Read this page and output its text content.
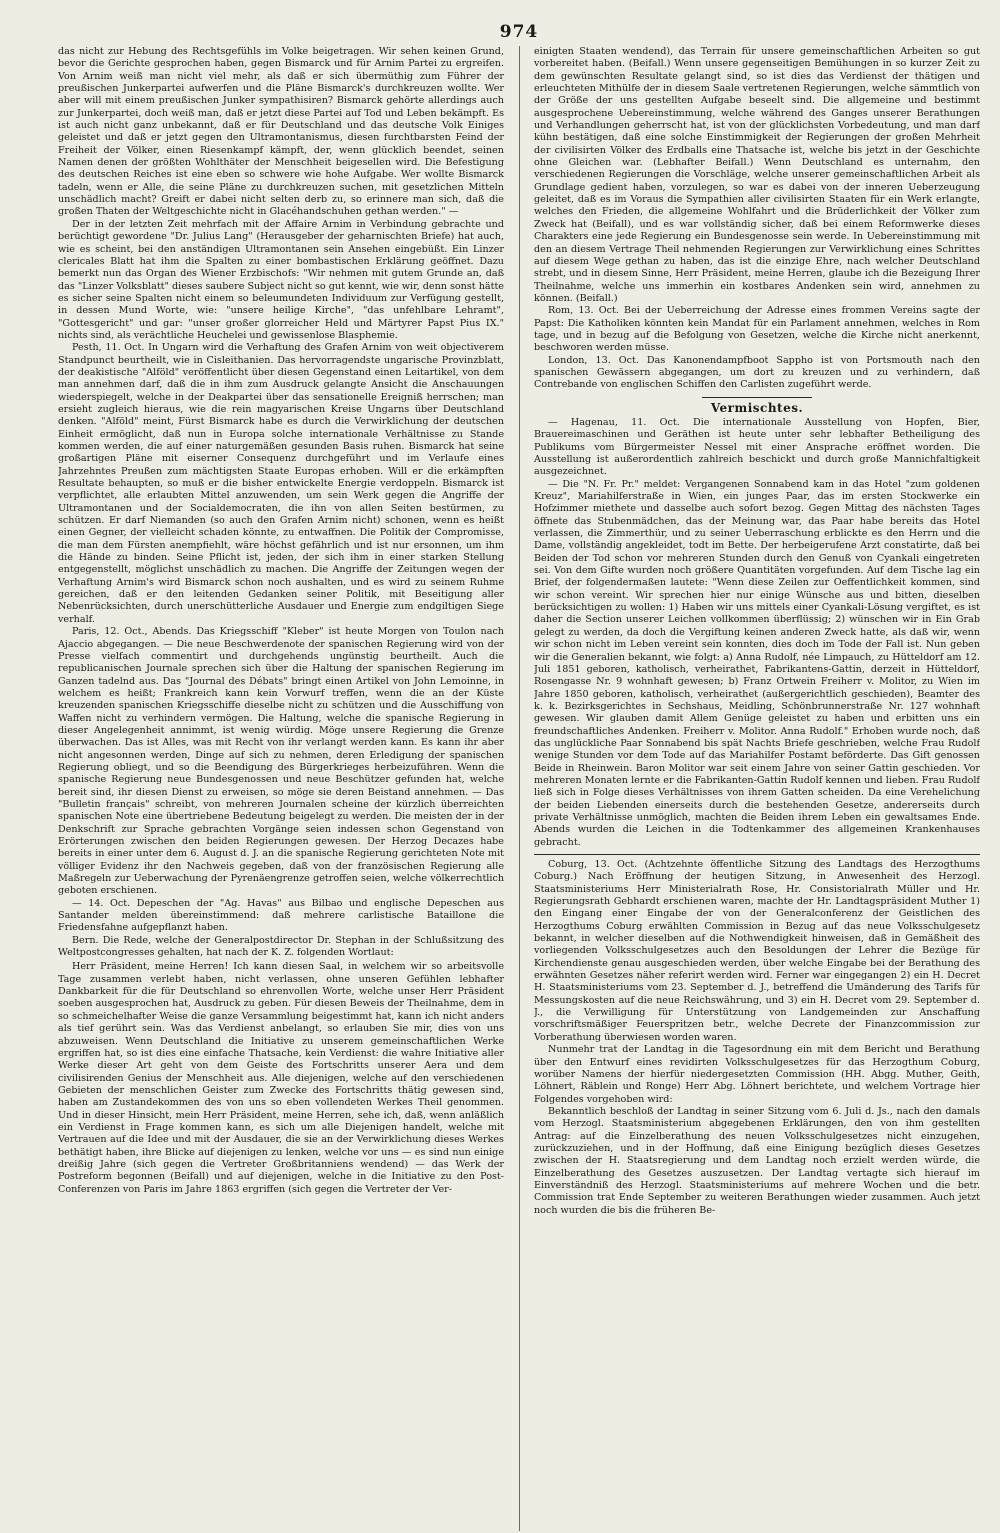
974

das nicht zur Hebung des Rechtsgefühls im Volke beigetragen. Wir sehen keinen Grund, bevor die Gerichte gesprochen haben, gegen Bismarck und für Arnim Partei zu ergreifen. Von Arnim weiß man nicht viel mehr, als daß er sich übermüthig zum Führer der preußischen Junkerpartei aufwerfen und die Pläne Bismarck's durchkreuzen wollte. Wer aber will mit einem preußischen Junker sympathisiren? Bismarck gehörte allerdings auch zur Junkerpartei, doch weiß man, daß er jetzt diese Partei auf Tod und Leben bekämpft. Es ist auch nicht ganz unbekannt, daß er für Deutschland und das deutsche Volk Einiges geleistet und daß er jetzt gegen den Ultramontanismus, diesen furchtbarsten Feind der Freiheit der Völker, einen Riesenkampf kämpft, der, wenn glücklich beendet, seinen Namen denen der größten Wohlthäter der Menschheit beigesellen wird. Die Befestigung des deutschen Reiches ist eine eben so schwere wie hohe Aufgabe. Wer wollte Bismarck tadeln, wenn er Alle, die seine Pläne zu durchkreuzen suchen, mit gesetzlichen Mitteln unschädlich macht? Greift er dabei nicht selten derb zu, so erinnere man sich, daß die großen Thaten der Weltgeschichte nicht in Glacéhandschuhen gethan werden." —

Der in der letzten Zeit mehrfach mit der Affaire Arnim in Verbindung gebrachte und berüchtigt gewordene "Dr. Julius Lang" (Herausgeber der geharnischten Briefe) hat auch, wie es scheint, bei den anständigen Ultramontanen sein Ansehen eingebüßt. Ein Linzer clericales Blatt hat ihm die Spalten zu einer bombastischen Erklärung geöffnet. Dazu bemerkt nun das Organ des Wiener Erzbischofs: "Wir nehmen mit gutem Grunde an, daß das "Linzer Volksblatt" dieses saubere Subject nicht so gut kennt, wie wir, denn sonst hätte es sicher seine Spalten nicht einem so beleumundeten Individuum zur Verfügung gestellt, in dessen Mund Worte, wie: "unsere heilige Kirche", "das unfehlbare Lehramt", "Gottesgericht" und gar: "unser großer glorreicher Held und Märtyrer Papst Pius IX." nichts sind, als verächtliche Heuchelei und gewissenlose Blasphemie.

Pesth, 11. Oct. In Ungarn wird die Verhaftung des Grafen Arnim von weit objectiverem Standpunct beurtheilt, wie in Cisleithanien. Das hervorragendste ungarische Provinzblatt, der deakistische "Alföld" veröffentlicht über diesen Gegenstand einen Leitartikel, von dem man annehmen darf, daß die in ihm zum Ausdruck gelangte Ansicht die Anschauungen wiederspiegelt, welche in der Deakpartei über das sensationelle Ereigniß herrschen; man ersieht zugleich hieraus, wie die rein magyarischen Kreise Ungarns über Deutschland denken. "Alföld" meint, Fürst Bismarck habe es durch die Verwirklichung der deutschen Einheit ermöglicht, daß nun in Europa solche internationale Verhältnisse zu Stande kommen werden, die auf einer naturgemäßen gesunden Basis ruhen. Bismarck hat seine großartigen Pläne mit eiserner Consequenz durchgeführt und im Verlaufe eines Jahrzehntes Preußen zum mächtigsten Staate Europas erhoben. Will er die erkämpften Resultate behaupten, so muß er die bisher entwickelte Energie verdoppeln. Bismarck ist verpflichtet, alle erlaubten Mittel anzuwenden, um sein Werk gegen die Angriffe der Ultramontanen und der Socialdemocraten, die ihn von allen Seiten bestürmen, zu schützen. Er darf Niemanden (so auch den Grafen Arnim nicht) schonen, wenn es heißt einen Gegner, der vielleicht schaden könnte, zu entwaffnen. Die Politik der Compromisse, die man dem Fürsten anempfiehlt, wäre höchst gefährlich und ist nur ersonnen, um ihm die Hände zu binden. Seine Pflicht ist, jeden, der sich ihm in einer starken Stellung entgegenstellt, möglichst unschädlich zu machen. Die Angriffe der Zeitungen wegen der Verhaftung Arnim's wird Bismarck schon noch aushalten, und es wird zu seinem Ruhme gereichen, daß er den leitenden Gedanken seiner Politik, mit Beseitigung aller Nebenrücksichten, durch unerschütterliche Ausdauer und Energie zum endgiltigen Siege verhalf.

Paris, 12. Oct., Abends. Das Kriegsschiff "Kleber" ist heute Morgen von Toulon nach Ajaccio abgegangen. — Die neue Beschwerdenote der spanischen Regierung wird von der Presse vielfach commentirt und durchgehends ungünstig beurtheilt. Auch die republicanischen Journale sprechen sich über die Haltung der spanischen Regierung im Ganzen tadelnd aus. Das "Journal des Débats" bringt einen Artikel von John Lemoinne, in welchem es heißt; Frankreich kann kein Vorwurf treffen, wenn die an der Küste kreuzenden spanischen Kriegsschiffe dieselbe nicht zu schützen und die Ausschiffung von Waffen nicht zu verhindern vermögen. Die Haltung, welche die spanische Regierung in dieser Angelegenheit annimmt, ist wenig würdig. Möge unsere Regierung die Grenze überwachen. Das ist Alles, was mit Recht von ihr verlangt werden kann. Es kann ihr aber nicht angesonnen werden, Dinge auf sich zu nehmen, deren Erledigung der spanischen Regierung obliegt, und so die Beendigung des Bürgerkrieges herbeizuführen. Wenn die spanische Regierung neue Bundesgenossen und neue Beschützer gefunden hat, welche bereit sind, ihr diesen Dienst zu erweisen, so möge sie deren Beistand annehmen. — Das "Bulletin français" schreibt, von mehreren Journalen scheine der kürzlich überreichten spanischen Note eine übertriebene Bedeutung beigelegt zu werden. Die meisten der in der Denkschrift zur Sprache gebrachten Vorgänge seien indessen schon Gegenstand von Erörterungen zwischen den beiden Regierungen gewesen. Der Herzog Decazes habe bereits in einer unter dem 6. August d. J. an die spanische Regierung gerichteten Note mit völliger Evidenz ihr den Nachweis gegeben, daß von der französischen Regierung alle Maßregeln zur Ueberwachung der Pyrenäengrenze getroffen seien, welche völkerrechtlich geboten erschienen.

— 14. Oct. Depeschen der "Ag. Havas" aus Bilbao und englische Depeschen aus Santander melden übereinstimmend: daß mehrere carlistische Bataillone die Friedensfahne aufgepflanzt haben.

Bern. Die Rede, welche der Generalpostdirector Dr. Stephan in der Schlußsitzung des Weltpostcongresses gehalten, hat nach der K. Z. folgenden Wortlaut:

Herr Präsident, meine Herren! Ich kann diesen Saal, in welchem wir so arbeitsvolle Tage zusammen verlebt haben, nicht verlassen, ohne unseren Gefühlen lebhafter Dankbarkeit für die für Deutschland so ehrenvollen Worte, welche unser Herr Präsident soeben ausgesprochen hat, Ausdruck zu geben. Für diesen Beweis der Theilnahme, dem in so schmeichelhafter Weise die ganze Versammlung beigestimmt hat, kann ich nicht anders als tief gerührt sein. Was das Verdienst anbelangt, so erlauben Sie mir, dies von uns abzuweisen. Wenn Deutschland die Initiative zu unserem gemeinschaftlichen Werke ergriffen hat, so ist dies eine einfache Thatsache, kein Verdienst: die wahre Initiative aller Werke dieser Art geht von dem Geiste des Fortschritts unserer Aera und dem civilisirenden Genius der Menschheit aus. Alle diejenigen, welche auf den verschiedenen Gebieten der menschlichen Geister zum Zwecke des Fortschritts thätig gewesen sind, haben am Zustandekommen des von uns so eben vollendeten Werkes Theil genommen. Und in dieser Hinsicht, mein Herr Präsident, meine Herren, sehe ich, daß, wenn anläßlich ein Verdienst in Frage kommen kann, es sich um alle Diejenigen handelt, welche mit Vertrauen auf die Idee und mit der Ausdauer, die sie an der Verwirklichung dieses Werkes bethätigt haben, ihre Blicke auf diejenigen zu lenken, welche vor uns — es sind nun einige dreißig Jahre (sich gegen die Vertreter Großbritanniens wendend) — das Werk der Postreform begonnen (Beifall) und auf diejenigen, welche in die Initiative zu den Post-Conferenzen von Paris im Jahre 1863 ergriffen (sich gegen die Vertreter der Ver-

einigten Staaten wendend), das Terrain für unsere gemeinschaftlichen Arbeiten so gut vorbereitet haben. (Beifall.) Wenn unsere gegenseitigen Bemühungen in so kurzer Zeit zu dem gewünschten Resultate gelangt sind, so ist dies das Verdienst der thätigen und erleuchteten Mithülfe der in diesem Saale vertretenen Regierungen, welche sämmtlich von der Größe der uns gestellten Aufgabe beseelt sind. Die allgemeine und bestimmt ausgesprochene Uebereinstimmung, welche während des Ganges unserer Berathungen und Verhandlungen geherrscht hat, ist von der glücklichsten Vorbedeutung, und man darf kühn bestätigen, daß eine solche Einstimmigkeit der Regierungen der großen Mehrheit der civilisirten Völker des Erdballs eine Thatsache ist, welche bis jetzt in der Geschichte ohne Gleichen war. (Lebhafter Beifall.) Wenn Deutschland es unternahm, den verschiedenen Regierungen die Vorschläge, welche unserer gemeinschaftlichen Arbeit als Grundlage gedient haben, vorzulegen, so war es dabei von der inneren Ueberzeugung geleitet, daß es im Voraus die Sympathien aller civilisirten Staaten für ein Werk erlangte, welches den Frieden, die allgemeine Wohlfahrt und die Brüderlichkeit der Völker zum Zweck hat (Beifall), und es war vollständig sicher, daß bei einem Reformwerke dieses Charakters eine jede Regierung ein Bundesgenosse sein werde. In Uebereinstimmung mit den an diesem Vertrage Theil nehmenden Regierungen zur Verwirklichung eines Schrittes auf diesem Wege gethan zu haben, das ist die einzige Ehre, nach welcher Deutschland strebt, und in diesem Sinne, Herr Präsident, meine Herren, glaube ich die Bezeigung Ihrer Theilnahme, welche uns immerhin ein kostbares Andenken sein wird, annehmen zu können. (Beifall.)

Rom, 13. Oct. Bei der Ueberreichung der Adresse eines frommen Vereins sagte der Papst: Die Katholiken könnten kein Mandat für ein Parlament annehmen, welches in Rom tage, und in bezug auf die Befolgung von Gesetzen, welche die Kirche nicht anerkennt, beschworen werden müsse.

London, 13. Oct. Das Kanonendampfboot Sappho ist von Portsmouth nach den spanischen Gewässern abgegangen, um dort zu kreuzen und zu verhindern, daß Contrebande von englischen Schiffen den Carlisten zugeführt werde.

Vermischtes.

— Hagenau, 11. Oct. Die internationale Ausstellung von Hopfen, Bier, Brauereimaschinen und Geräthen ist heute unter sehr lebhafter Betheiligung des Publikums vom Bürgermeister Nessel mit einer Ansprache eröffnet worden. Die Ausstellung ist außerordentlich zahlreich beschickt und durch große Mannichfaltigkeit ausgezeichnet.

— Die "N. Fr. Pr." meldet: Vergangenen Sonnabend kam in das Hotel "zum goldenen Kreuz", Mariahilferstraße in Wien, ein junges Paar, das im ersten Stockwerke ein Hofzimmer miethete und dasselbe auch sofort bezog. Gegen Mittag des nächsten Tages öffnete das Stubenmädchen, das der Meinung war, das Paar habe bereits das Hotel verlassen, die Zimmerthür, und zu seiner Ueberraschung erblickte es den Herrn und die Dame, vollständig angekleidet, todt im Bette. Der herbeigerufene Arzt constatirte, daß bei Beiden der Tod schon vor mehreren Stunden durch den Genuß von Cyankali eingetreten sei. Von dem Gifte wurden noch größere Quantitäten vorgefunden. Auf dem Tische lag ein Brief, der folgendermaßen lautete: "Wenn diese Zeilen zur Oeffentlichkeit kommen, sind wir schon vereint. Wir sprechen hier nur einige Wünsche aus und bitten, dieselben berücksichtigen zu wollen: 1) Haben wir uns mittels einer Cyankali-Lösung vergiftet, es ist daher die Section unserer Leichen vollkommen überflüssig; 2) wünschen wir in Ein Grab gelegt zu werden, da doch die Vergiftung keinen anderen Zweck hatte, als daß wir, wenn wir schon nicht im Leben vereint sein konnten, dies doch im Tode der Fall ist. Nun geben wir die Generalien bekannt, wie folgt: a) Anna Rudolf, née Limpauch, zu Hütteldorf am 12. Juli 1851 geboren, katholisch, verheirathet, Fabrikantens-Gattin, derzeit in Hütteldorf, Rosengasse Nr. 9 wohnhaft gewesen; b) Franz Ortwein Freiherr v. Molitor, zu Wien im Jahre 1850 geboren, katholisch, verheirathet (außergerichtlich geschieden), Beamter des k. k. Bezirksgerichtes in Sechshaus, Meidling, Schönbrunnerstraße Nr. 127 wohnhaft gewesen. Wir glauben damit Allem Genüge geleistet zu haben und erbitten uns ein freundschaftliches Andenken. Freiherr v. Molitor. Anna Rudolf." Erhoben wurde noch, daß das unglückliche Paar Sonnabend bis spät Nachts Briefe geschrieben, welche Frau Rudolf wenige Stunden vor dem Tode auf das Mariahilfer Postamt beförderte. Das Gift genossen Beide in Rheinwein. Baron Molitor war seit einem Jahre von seiner Gattin geschieden. Vor mehreren Monaten lernte er die Fabrikanten-Gattin Rudolf kennen und lieben. Frau Rudolf ließ sich in Folge dieses Verhältnisses von ihrem Gatten scheiden. Da eine Verehelichung der beiden Liebenden einerseits durch die bestehenden Gesetze, andererseits durch private Verhältnisse unmöglich, machten die Beiden ihrem Leben ein gewaltsames Ende. Abends wurden die Leichen in die Todtenkammer des allgemeinen Krankenhauses gebracht.

Coburg, 13. Oct. (Achtzehnte öffentliche Sitzung des Landtags des Herzogthums Coburg.) Nach Eröffnung der heutigen Sitzung, in Anwesenheit des Herzogl. Staatsministeriums Herr Ministerialrath Rose, Hr. Consistorialrath Müller und Hr. Regierungsrath Gebhardt erschienen waren, machte der Hr. Landtagspräsident Muther 1) den Eingang einer Eingabe der von der Generalconferenz der Geistlichen des Herzogthums Coburg erwählten Commission in Bezug auf das neue Volksschulgesetz bekannt, in welcher dieselben auf die Nothwendigkeit hinweisen, daß in Gemäßheit des vorliegenden Volksschulgesetzes auch den Besoldungen der Lehrer die Bezüge für Kirchendienste genau ausgeschieden werden, über welche Eingabe bei der Berathung des erwähnten Gesetzes näher referirt werden wird. Ferner war eingegangen 2) ein H. Decret H. Staatsministeriums vom 23. September d. J., betreffend die Umänderung des Tarifs für Messungskosten auf die neue Reichswährung, und 3) ein H. Decret vom 29. September d. J., die Verwilligung für Unterstützung von Landgemeinden zur Anschaffung vorschriftsmäßiger Feuerspritzen betr., welche Decrete der Finanzcommission zur Vorberathung überwiesen worden waren.

Nunmehr trat der Landtag in die Tagesordnung ein mit dem Bericht und Berathung über den Entwurf eines revidirten Volksschulgesetzes für das Herzogthum Coburg, worüber Namens der hierfür niedergesetzten Commission (HH. Abgg. Muther, Geith, Löhnert, Räblein und Ronge) Herr Abg. Löhnert berichtete, und welchem Vortrage hier Folgendes vorgehoben wird:

Bekanntlich beschloß der Landtag in seiner Sitzung vom 6. Juli d. Js., nach den damals vom Herzogl. Staatsministerium abgegebenen Erklärungen, den von ihm gestellten Antrag: auf die Einzelberathung des neuen Volksschulgesetzes nicht einzugehen, zurückzuziehen, und in der Hoffnung, daß eine Einigung bezüglich dieses Gesetzes zwischen der H. Staatsregierung und dem Landtag noch erzielt werden würde, die Einzelberathung des Gesetzes auszusetzen. Der Landtag vertagte sich hierauf im Einverständniß des Herzogl. Staatsministeriums auf mehrere Wochen und die betr. Commission trat Ende September zu weiteren Berathungen wieder zusammen. Auch jetzt noch wurden die bis die früheren Be-
